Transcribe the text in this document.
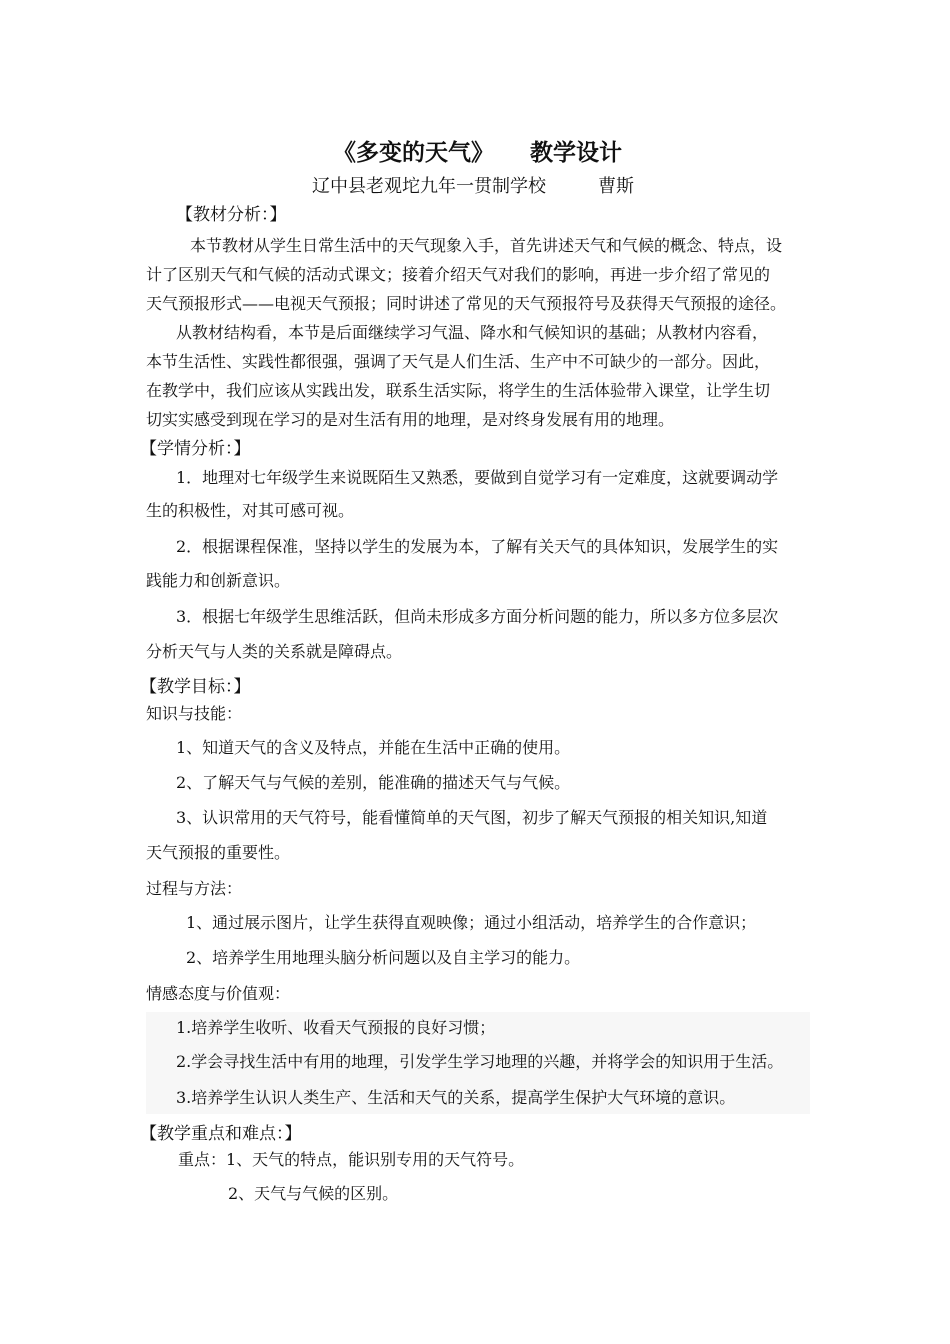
《多变的天气》 教学设计
辽中县老观坨九年一贯制学校	曹斯
【教材分析：】
本节教材从学生日常生活中的天气现象入手，首先讲述天气和气候的概念、特点，设
计了区别天气和气候的活动式课文；接着介绍天气对我们的影响，再进一步介绍了常见的
天气预报形式——电视天气预报；同时讲述了常见的天气预报符号及获得天气预报的途径。
从教材结构看，本节是后面继续学习气温、降水和气候知识的基础；从教材内容看，
本节生活性、实践性都很强，强调了天气是人们生活、生产中不可缺少的一部分。因此，
在教学中，我们应该从实践出发，联系生活实际，将学生的生活体验带入课堂，让学生切
切实实感受到现在学习的是对生活有用的地理，是对终身发展有用的地理。
【学情分析：】
1．地理对七年级学生来说既陌生又熟悉，要做到自觉学习有一定难度，这就要调动学
生的积极性，对其可感可视。
2．根据课程保准，坚持以学生的发展为本，了解有关天气的具体知识，发展学生的实
践能力和创新意识。
3．根据七年级学生思维活跃，但尚未形成多方面分析问题的能力，所以多方位多层次
分析天气与人类的关系就是障碍点。
【教学目标：】
知识与技能：
1、知道天气的含义及特点，并能在生活中正确的使用。
2、了解天气与气候的差别，能准确的描述天气与气候。
3、认识常用的天气符号，能看懂简单的天气图，初步了解天气预报的相关知识,知道
天气预报的重要性。
过程与方法：
1、通过展示图片，让学生获得直观映像；通过小组活动，培养学生的合作意识；
2、培养学生用地理头脑分析问题以及自主学习的能力。
情感态度与价值观：
1.培养学生收听、收看天气预报的良好习惯；
2.学会寻找生活中有用的地理，引发学生学习地理的兴趣，并将学会的知识用于生活。
3.培养学生认识人类生产、生活和天气的关系，提高学生保护大气环境的意识。
【教学重点和难点：】
重点：1、天气的特点，能识别专用的天气符号。
2、天气与气候的区别。
